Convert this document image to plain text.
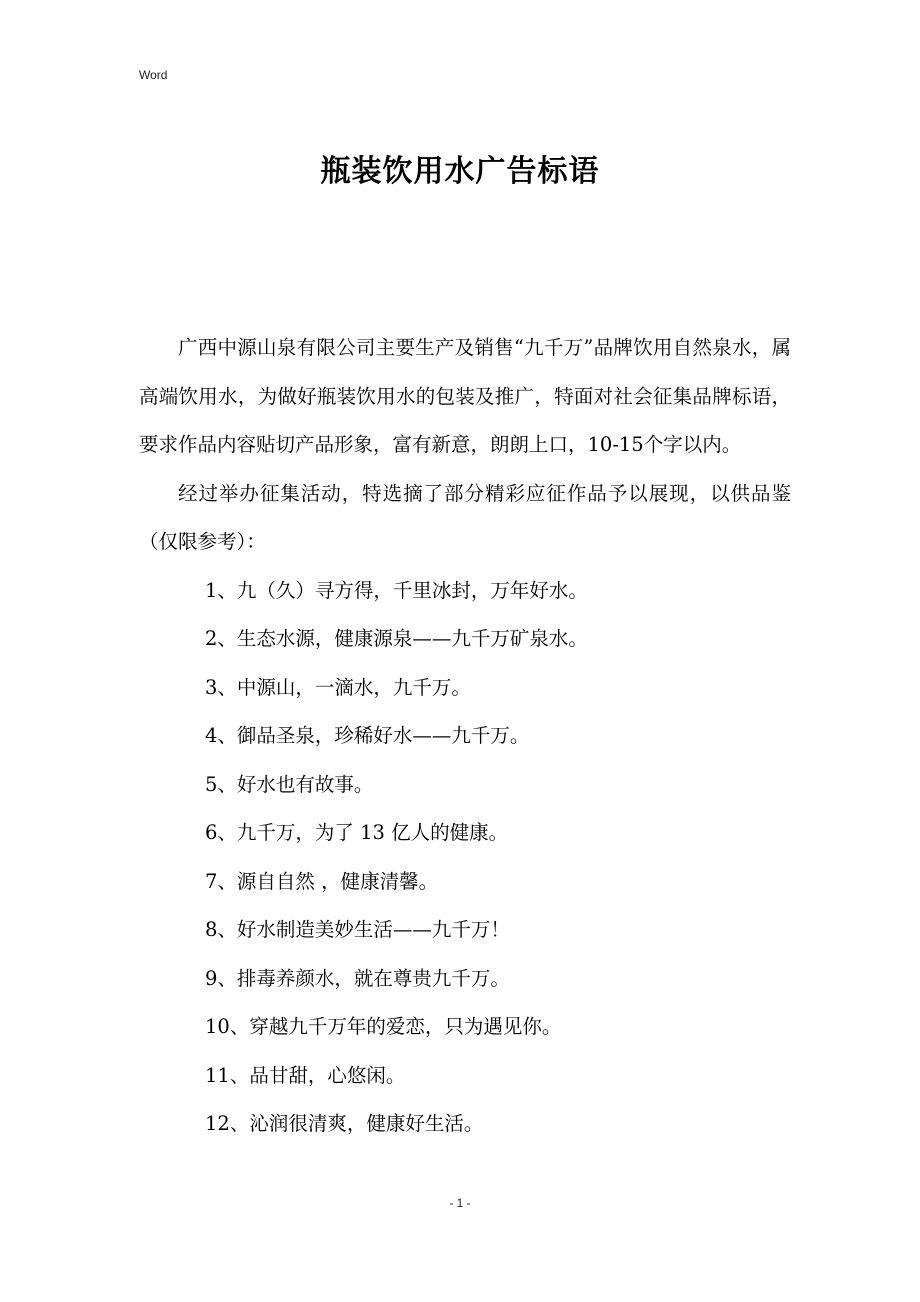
Word
瓶装饮用水广告标语

广西中源山泉有限公司主要生产及销售“九千万”品牌饮用自然泉水，属高端饮用水，为做好瓶装饮用水的包装及推广，特面对社会征集品牌标语，要求作品内容贴切产品形象，富有新意，朗朗上口，10-15个字以内。

经过举办征集活动，特选摘了部分精彩应征作品予以展现，以供品鉴（仅限参考）：

1、九（久）寻方得，千里冰封，万年好水。

2、生态水源，健康源泉——九千万矿泉水。

3、中源山，一滴水，九千万。

4、御品圣泉，珍稀好水——九千万。

5、好水也有故事。

6、九千万，为了 13 亿人的健康。

7、源自自然 ，健康清馨。

8、好水制造美妙生活——九千万！

9、排毒养颜水，就在尊贵九千万。

10、穿越九千万年的爱恋，只为遇见你。

11、品甘甜，心悠闲。

12、沁润很清爽，健康好生活。

- 1 -
